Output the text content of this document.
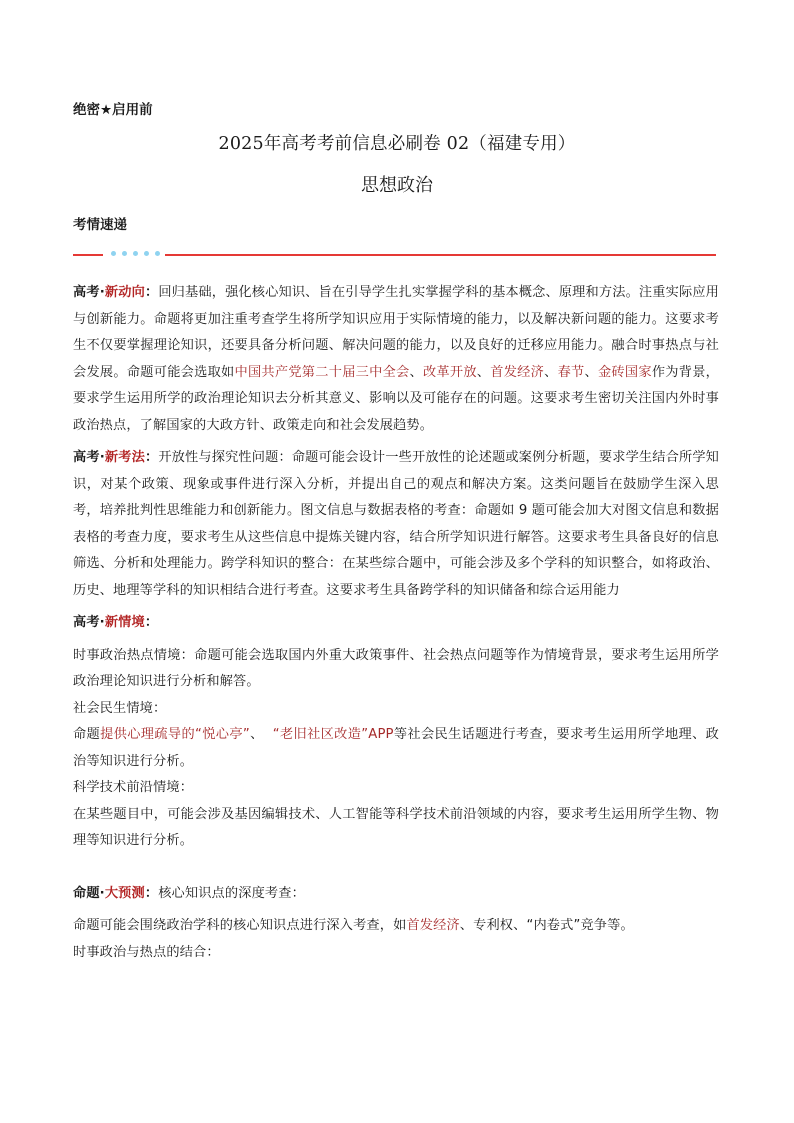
绝密★启用前
2025年高考考前信息必刷卷 02（福建专用）
思想政治
考情速递

高考·新动向：回归基础，强化核心知识、旨在引导学生扎实掌握学科的基本概念、原理和方法。注重实际应用与创新能力。命题将更加注重考查学生将所学知识应用于实际情境的能力，以及解决新问题的能力。这要求考生不仅要掌握理论知识，还要具备分析问题、解决问题的能力，以及良好的迁移应用能力。融合时事热点与社会发展。命题可能会选取如中国共产党第二十届三中全会、改革开放、首发经济、春节、金砖国家作为背景，要求学生运用所学的政治理论知识去分析其意义、影响以及可能存在的问题。这要求考生密切关注国内外时事政治热点，了解国家的大政方针、政策走向和社会发展趋势。

高考·新考法：开放性与探究性问题：命题可能会设计一些开放性的论述题或案例分析题，要求学生结合所学知识，对某个政策、现象或事件进行深入分析，并提出自己的观点和解决方案。这类问题旨在鼓励学生深入思考，培养批判性思维能力和创新能力。图文信息与数据表格的考查：命题如 9 题可能会加大对图文信息和数据表格的考查力度，要求考生从这些信息中提炼关键内容，结合所学知识进行解答。这要求考生具备良好的信息筛选、分析和处理能力。跨学科知识的整合：在某些综合题中，可能会涉及多个学科的知识整合，如将政治、历史、地理等学科的知识相结合进行考查。这要求考生具备跨学科的知识储备和综合运用能力

高考·新情境：

时事政治热点情境：命题可能会选取国内外重大政策事件、社会热点问题等作为情境背景，要求考生运用所学政治理论知识进行分析和解答。

社会民生情境：

命题提供心理疏导的“悦心亭”、 “老旧社区改造”APP等社会民生话题进行考查，要求考生运用所学地理、政治等知识进行分析。

科学技术前沿情境：

在某些题目中，可能会涉及基因编辑技术、人工智能等科学技术前沿领域的内容，要求考生运用所学生物、物理等知识进行分析。

命题·大预测：核心知识点的深度考查：

命题可能会围绕政治学科的核心知识点进行深入考查，如首发经济、专利权、“内卷式”竞争等。

时事政治与热点的结合：
